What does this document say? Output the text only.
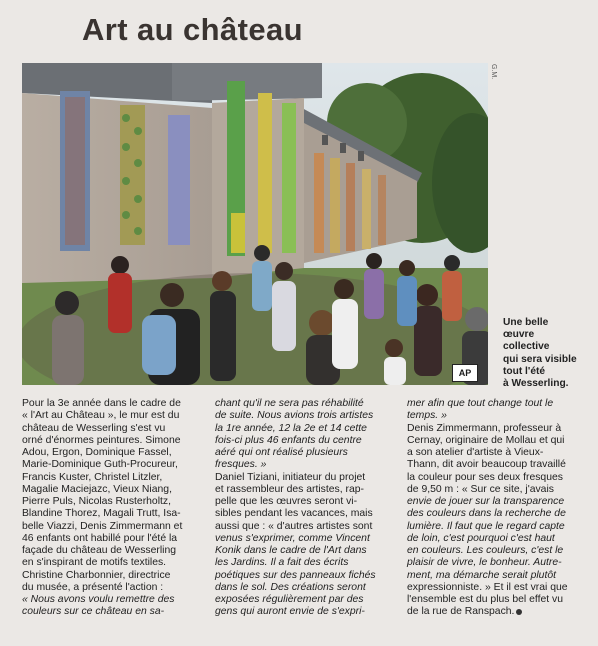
Art au château
G.M.
AP
Une belle
œuvre
collective
qui sera visible
tout l'été
à Wesserling.
Pour la 3e année dans le cadre de
« l'Art au Château », le mur est du
château de Wesserling s'est vu
orné d'énormes peintures. Simone
Adou, Ergon, Dominique Fassel,
Marie-Dominique Guth-Procureur,
Francis Kuster, Christel Litzler,
Magalie Maciejazc, Vieux Niang,
Pierre Puls, Nicolas Rusterholtz,
Blandine Thorez, Magali Trutt, Isa-
belle Viazzi, Denis Zimmermann et
46 enfants ont habillé pour l'été la
façade du château de Wesserling
en s'inspirant de motifs textiles.
Christine Charbonnier, directrice
du musée, a présenté l'action :
« Nous avons voulu remettre des
couleurs sur ce château en sa-
chant qu'il ne sera pas réhabilité
de suite. Nous avions trois artistes
la 1re année, 12 la 2e et 14 cette
fois-ci plus 46 enfants du centre
aéré qui ont réalisé plusieurs
fresques. »
Daniel Tiziani, initiateur du projet
et rassembleur des artistes, rap-
pelle que les œuvres seront vi-
sibles pendant les vacances, mais
aussi que : « d'autres artistes sont
venus s'exprimer, comme Vincent
Konik dans le cadre de l'Art dans
les Jardins. Il a fait des écrits
poétiques sur des panneaux fichés
dans le sol. Des créations seront
exposées régulièrement par des
gens qui auront envie de s'expri-
mer afin que tout change tout le
temps. »
Denis Zimmermann, professeur à
Cernay, originaire de Mollau et qui
a son atelier d'artiste à Vieux-
Thann, dit avoir beaucoup travaillé
la couleur pour ses deux fresques
de 9,50 m : « Sur ce site, j'avais
envie de jouer sur la transparence
des couleurs dans la recherche de
lumière. Il faut que le regard capte
de loin, c'est pourquoi c'est haut
en couleurs. Les couleurs, c'est le
plaisir de vivre, le bonheur. Autre-
ment, ma démarche serait plutôt
expressionniste. » Et il est vrai que
l'ensemble est du plus bel effet vu
de la rue de Ranspach.
